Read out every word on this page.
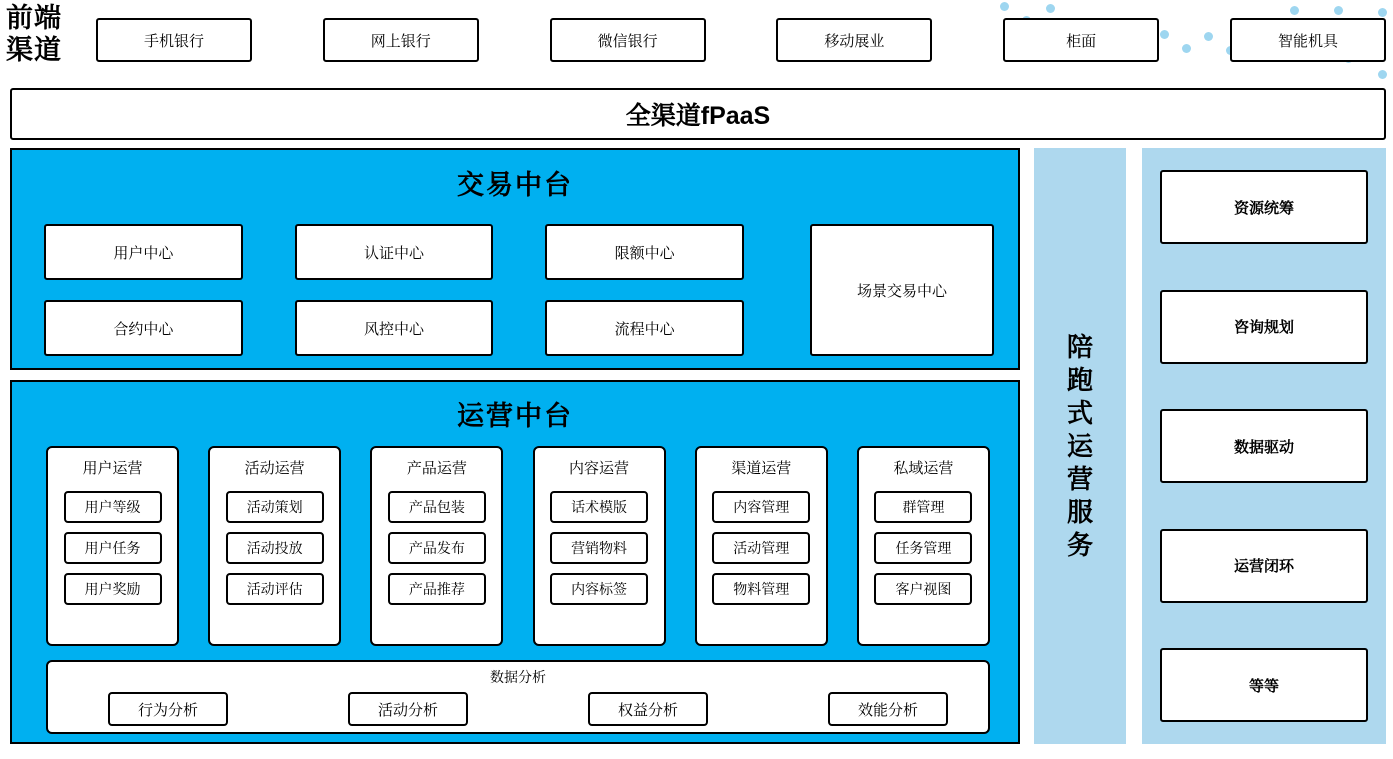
前端渠道	手机银行	网上银行	微信银行	移动展业	柜面	智能机具
全渠道fPaaS
交易中台
用户中心	认证中心	限额中心
合约中心	风控中心	流程中心
场景交易中心
运营中台
用户运营
用户等级
用户任务
用户奖励
活动运营
活动策划
活动投放
活动评估
产品运营
产品包装
产品发布
产品推荐
内容运营
话术模版
营销物料
内容标签
渠道运营
内容管理
活动管理
物料管理
私域运营
群管理
任务管理
客户视图
数据分析
行为分析	活动分析	权益分析	效能分析
陪跑式运营服务
资源统筹
咨询规划
数据驱动
运营闭环
等等
